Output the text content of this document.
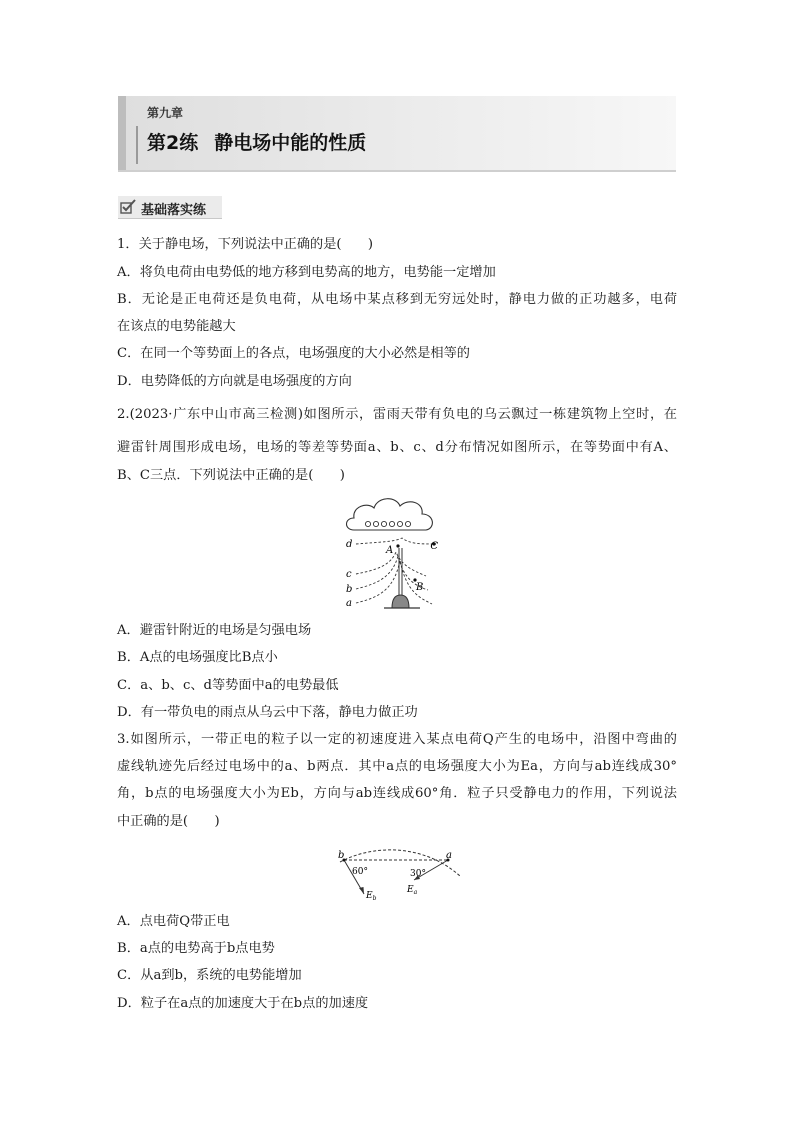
第九章
第2练 静电场中能的性质
基础落实练
1．关于静电场，下列说法中正确的是(　　)
A．将负电荷由电势低的地方移到电势高的地方，电势能一定增加
B．无论是正电荷还是负电荷，从电场中某点移到无穷远处时，静电力做的正功越多，电荷
在该点的电势能越大
C．在同一个等势面上的各点，电场强度的大小必然是相等的
D．电势降低的方向就是电场强度的方向
2.(2023·广东中山市高三检测)如图所示，雷雨天带有负电的乌云飘过一栋建筑物上空时，在
避雷针周围形成电场，电场的等差等势面a、b、c、d分布情况如图所示，在等势面中有A、
B、C三点．下列说法中正确的是(　　)
d
c
b
a
A
B
C
A．避雷针附近的电场是匀强电场
B．A点的电场强度比B点小
C．a、b、c、d等势面中a的电势最低
D．有一带负电的雨点从乌云中下落，静电力做正功
3.如图所示，一带正电的粒子以一定的初速度进入某点电荷Q产生的电场中，沿图中弯曲的
虚线轨迹先后经过电场中的a、b两点．其中a点的电场强度大小为Ea，方向与ab连线成30°
角，b点的电场强度大小为Eb，方向与ab连线成60°角．粒子只受静电力的作用，下列说法
中正确的是(　　)
b	a
60°	30°
$E_b$
$E_a$
A．点电荷Q带正电
B．a点的电势高于b点电势
C．从a到b，系统的电势能增加
D．粒子在a点的加速度大于在b点的加速度
